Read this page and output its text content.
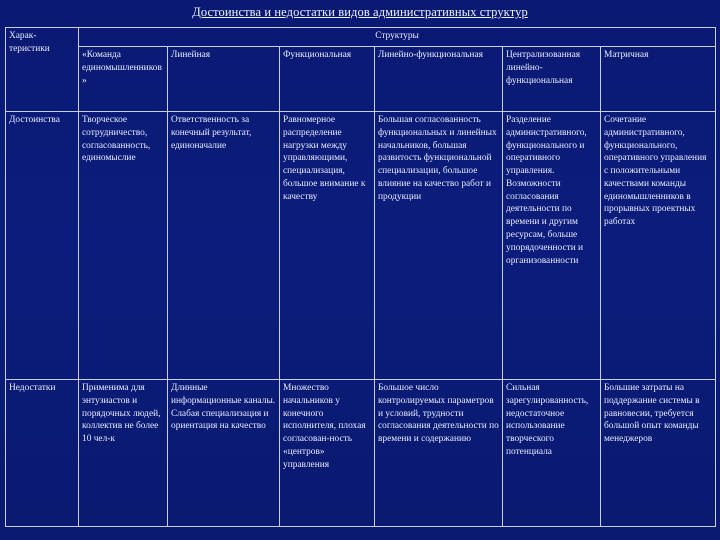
Достоинства и недостатки видов административных структур
Харак-теристики	Структуры					
	«Команда единомышленников»	Линейная	Функциональная	Линейно-функциональная	Централизованная линейно-функциональная	Матричная
Достоинства	Творческое сотрудничество, согласованность, единомыслие	Ответственность за конечный результат, единоначалие	Равномерное распределение нагрузки между управляющими, специализация, большое внимание к качеству	Большая согласованность функциональных и линейных начальников, большая развитость функциональной специализации, большое влияние на качество работ и продукции	Разделение административного, функционального и оперативного управления. Возможности согласования деятельности по времени и другим ресурсам, больше упорядоченности и организованности	Сочетание административного, функционального, оперативного управления с положительными качествами команды единомышленников в прорывных проектных работах
Недостатки	Применима для энтузиастов и порядочных людей, коллектив не более 10 чел-к	Длинные информационные каналы. Слабая специализация и ориентация на качество	Множество начальников у конечного исполнителя, плохая согласован-ность «центров» управления	Большое число контролируемых параметров и условий, трудности согласования деятельности по времени и содержанию	Сильная зарегулированность, недостаточное использование творческого потенциала	Большие затраты на поддержание системы в равновесии, требуется большой опыт команды менеджеров
